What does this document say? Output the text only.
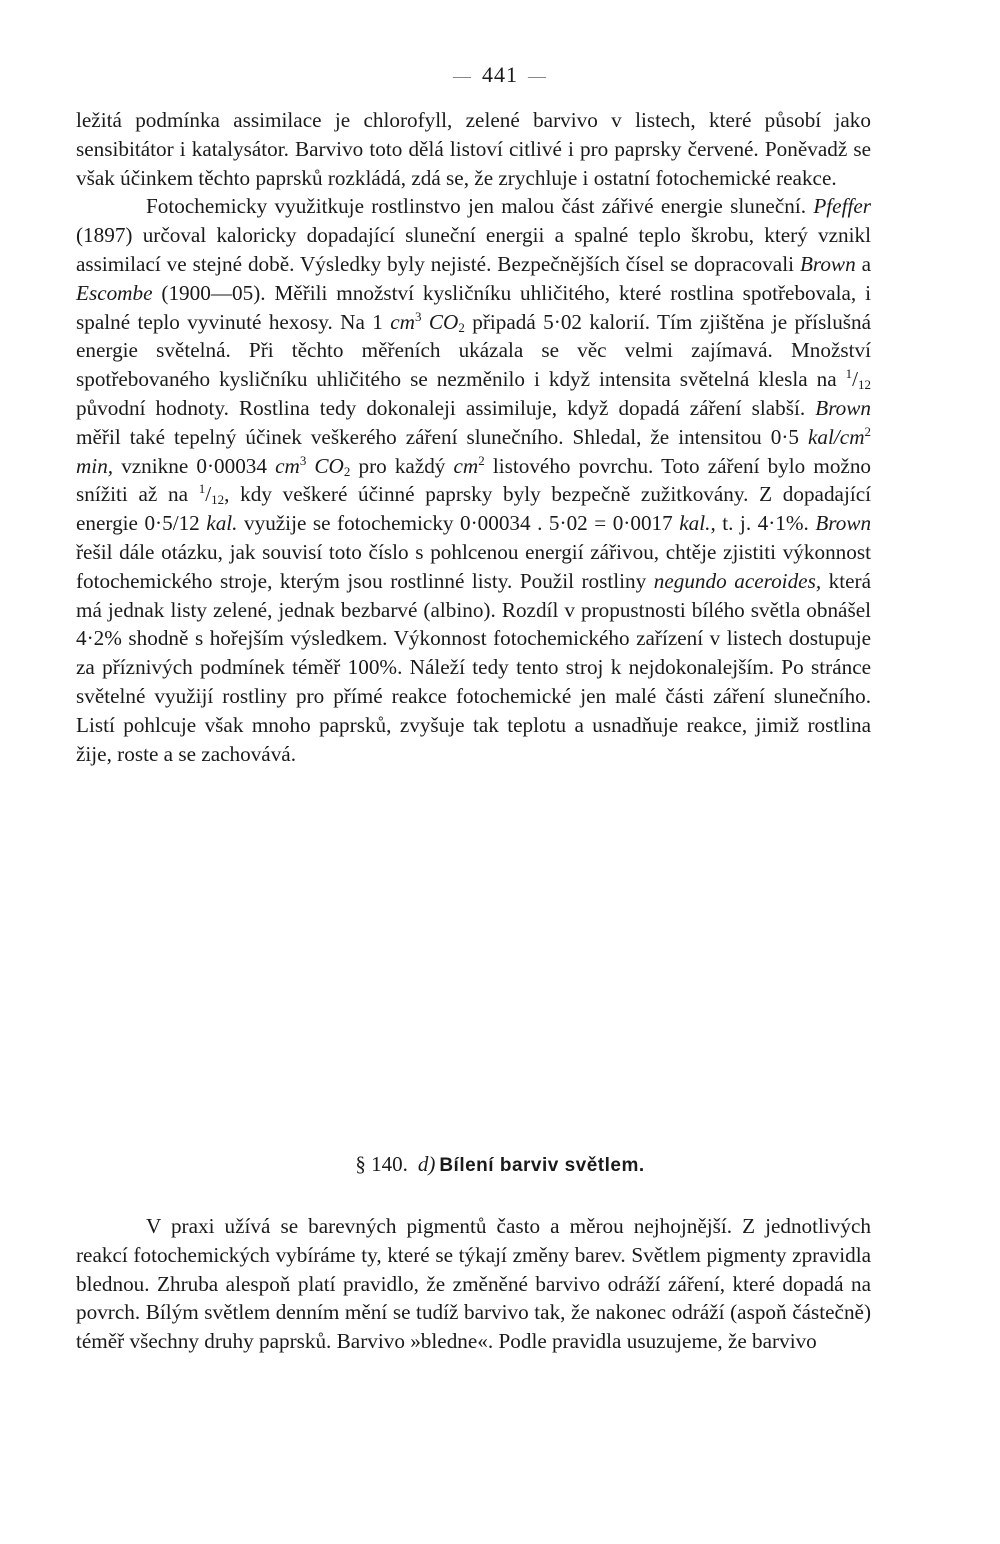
— 441 —

ležitá podmínka assimilace je chlorofyll, zelené barvivo v listech, které působí jako sensibitátor i katalysátor. Barvivo toto dělá listoví citlivé i pro paprsky červené. Poněvadž se však účinkem těchto paprsků rozkládá, zdá se, že zrychluje i ostatní fotochemické reakce.

Fotochemicky využitkuje rostlinstvo jen malou část zářivé energie sluneční. Pfeffer (1897) určoval kaloricky dopadající sluneční energii a spalné teplo škrobu, který vznikl assimilací ve stejné době. Výsledky byly nejisté. Bezpečnějších čísel se dopracovali Brown a Escombe (1900—05). Měřili množství kysličníku uhličitého, které rostlina spotřebovala, i spalné teplo vyvinuté hexosy. Na 1 $cm^3$ $CO_2$ připadá 5·02 kalorií. Tím zjištěna je příslušná energie světelná. Při těchto měřeních ukázala se věc velmi zajímavá. Množství spotřebovaného kysličníku uhličitého se nezměnilo i když intensita světelná klesla na $^1/_{12}$ původní hodnoty. Rostlina tedy dokonaleji assimiluje, když dopadá záření slabší. Brown měřil také tepelný účinek veškerého záření slunečního. Shledal, že intensitou 0·5 kal/$cm^2$ min, vznikne 0·00034 $cm^3$ $CO_2$ pro každý $cm^2$ listového povrchu. Toto záření bylo možno snížiti až na $^1/_{12}$, kdy veškeré účinné paprsky byly bezpečně zužitkovány. Z dopadající energie 0·5/12 kal. využije se fotochemicky 0·00034 . 5·02 = 0·0017 kal., t. j. 4·1%. Brown řešil dále otázku, jak souvisí toto číslo s pohlcenou energií zářivou, chtěje zjistiti výkonnost fotochemického stroje, kterým jsou rostlinné listy. Použil rostliny negundo aceroides, která má jednak listy zelené, jednak bezbarvé (albino). Rozdíl v propustnosti bílého světla obnášel 4·2% shodně s hořejším výsledkem. Výkonnost fotochemického zařízení v listech dostupuje za příznivých podmínek téměř 100%. Náleží tedy tento stroj k nejdokonalejším. Po stránce světelné využijí rostliny pro přímé reakce fotochemické jen malé části záření slunečního. Listí pohlcuje však mnoho paprsků, zvyšuje tak teplotu a usnadňuje reakce, jimiž rostlina žije, roste a se zachovává.

§ 140. d) Bílení barviv světlem.

V praxi užívá se barevných pigmentů často a měrou nejhojnější. Z jednotlivých reakcí fotochemických vybíráme ty, které se týkají změny barev. Světlem pigmenty zpravidla blednou. Zhruba alespoň platí pravidlo, že změněné barvivo odráží záření, které dopadá na povrch. Bílým světlem denním mění se tudíž barvivo tak, že nakonec odráží (aspoň částečně) téměř všechny druhy paprsků. Barvivo »bledne«. Podle pravidla usuzujeme, že barvivo
